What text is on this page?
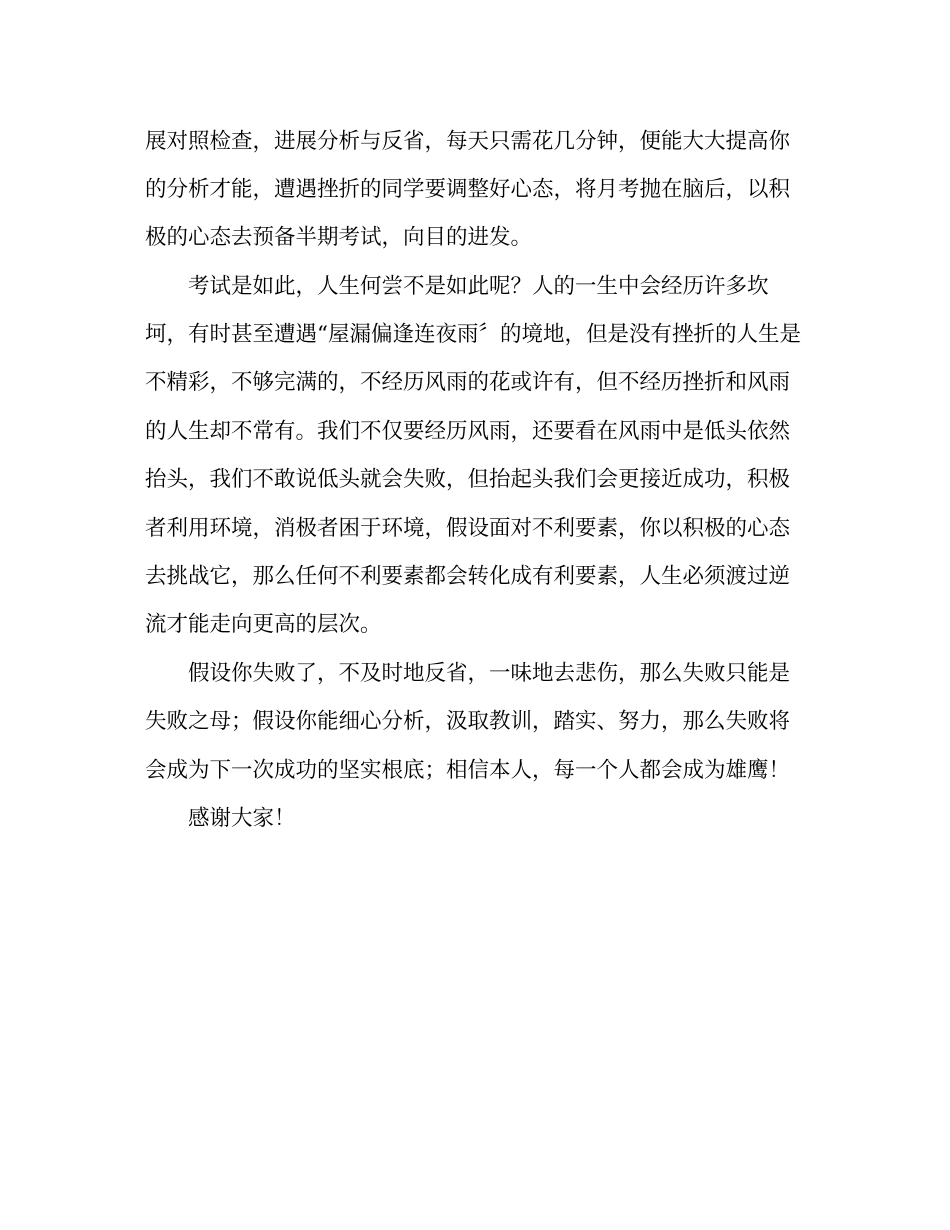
展对照检查，进展分析与反省，每天只需花几分钟，便能大大提高你

的分析才能，遭遇挫折的同学要调整好心态，将月考抛在脑后，以积

极的心态去预备半期考试，向目的进发。

考试是如此，人生何尝不是如此呢？人的一生中会经历许多坎

坷，有时甚至遭遇“屋漏偏逢连夜雨〞的境地，但是没有挫折的人生是

不精彩，不够完满的，不经历风雨的花或许有，但不经历挫折和风雨

的人生却不常有。我们不仅要经历风雨，还要看在风雨中是低头依然

抬头，我们不敢说低头就会失败，但抬起头我们会更接近成功，积极

者利用环境，消极者困于环境，假设面对不利要素，你以积极的心态

去挑战它，那么任何不利要素都会转化成有利要素，人生必须渡过逆

流才能走向更高的层次。

假设你失败了，不及时地反省，一味地去悲伤，那么失败只能是

失败之母；假设你能细心分析，汲取教训，踏实、努力，那么失败将

会成为下一次成功的坚实根底；相信本人，每一个人都会成为雄鹰！

感谢大家！
